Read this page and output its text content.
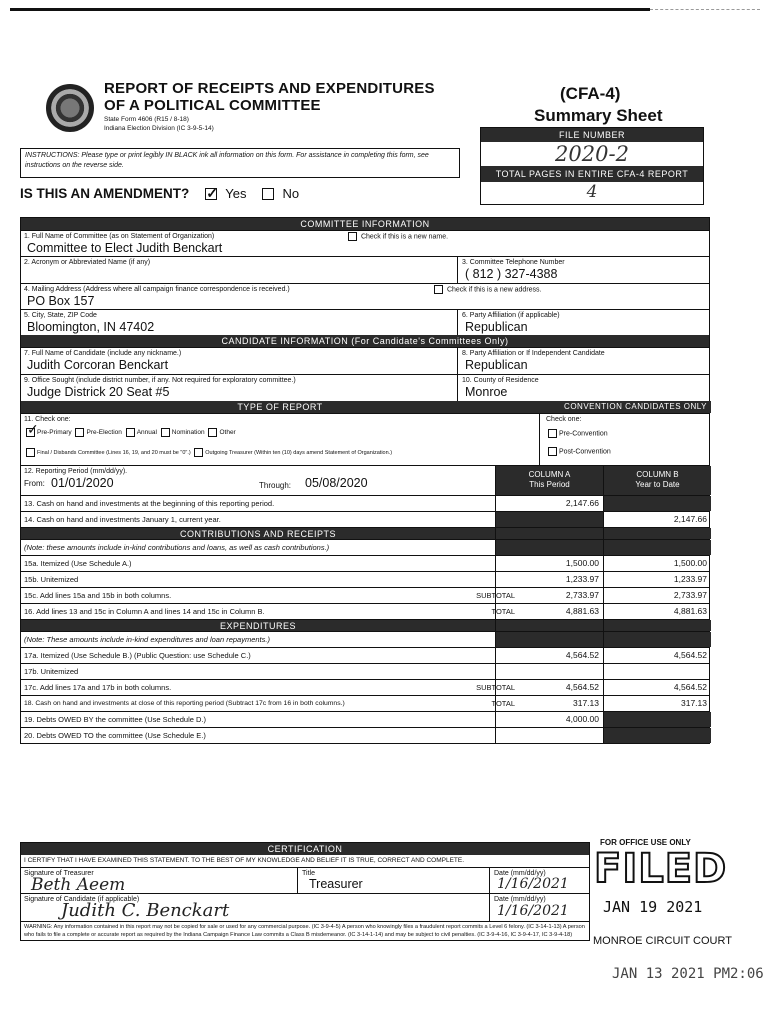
REPORT OF RECEIPTS AND EXPENDITURES
OF A POLITICAL COMMITTEE
State Form 4606 (R15 / 8-18)
Indiana Election Division (IC 3-9-5-14)
(CFA-4)
Summary Sheet
FILE NUMBER
2020-2
TOTAL PAGES IN ENTIRE CFA-4 REPORT
4
INSTRUCTIONS: Please type or print legibly IN BLACK ink all information on this form. For assistance in completing this form, see instructions on the reverse side.
IS THIS AN AMENDMENT?
✓	Yes	No
COMMITTEE INFORMATION
1. Full Name of Committee (as on Statement of Organization)	Check if this is a new name.
Committee to Elect Judith Benckart
2. Acronym or Abbreviated Name (if any)	3. Committee Telephone Number
( 812 ) 327-4388
4. Mailing Address (Address where all campaign finance correspondence is received.)	Check if this is a new address.
PO Box 157
5. City, State, ZIP Code
Bloomington, IN 47402
6. Party Affiliation (if applicable)
Republican
CANDIDATE INFORMATION (For Candidate's Committees Only)
7. Full Name of Candidate (include any nickname.)
Judith Corcoran Benckart
8. Party Affiliation or If Independent Candidate
Republican
9. Office Sought (include district number, if any. Not required for exploratory committee.)
Judge Districk 20 Seat #5
10. County of Residence
Monroe
TYPE OF REPORT	CONVENTION CANDIDATES ONLY
11. Check one:
✓Pre-Primary Pre-Election Annual Nomination Other
Final / Disbands Committee (Lines 16, 19, and 20 must be "0".)	Outgoing Treasurer (Within ten (10) days amend Statement of Organization.)
Check one:
Pre-Convention
Post-Convention
12. Reporting Period (mm/dd/yy).
From: 01/01/2020	Through:	05/08/2020
COLUMN A
This Period
COLUMN B
Year to Date
13. Cash on hand and investments at the beginning of this reporting period.	2,147.66
14. Cash on hand and investments January 1, current year.	2,147.66
CONTRIBUTIONS AND RECEIPTS
(Note: these amounts include in-kind contributions and loans, as well as cash contributions.)
15a. Itemized (Use Schedule A.)	1,500.00	1,500.00
15b. Unitemized	1,233.97	1,233.97
15c. Add lines 15a and 15b in both columns.	SUBTOTAL	2,733.97	2,733.97
16. Add lines 13 and 15c in Column A and lines 14 and 15c in Column B.	TOTAL	4,881.63	4,881.63
EXPENDITURES
(Note: These amounts include in-kind expenditures and loan repayments.)
17a. Itemized (Use Schedule B.) (Public Question: use Schedule C.)	4,564.52	4,564.52
17b. Unitemized
17c. Add lines 17a and 17b in both columns.	SUBTOTAL	4,564.52	4,564.52
18. Cash on hand and investments at close of this reporting period (Subtract 17c from 16 in both columns.)	TOTAL	317.13	317.13
19. Debts OWED BY the committee (Use Schedule D.)	4,000.00
20. Debts OWED TO the committee (Use Schedule E.)
CERTIFICATION
I CERTIFY THAT I HAVE EXAMINED THIS STATEMENT. TO THE BEST OF MY KNOWLEDGE AND BELIEF IT IS TRUE, CORRECT AND COMPLETE.
Signature of Treasurer
Beth Aeem
Title
Treasurer
Date (mm/dd/yy)
1/16/2021
Signature of Candidate (if applicable)
Judith C. Benckart
Date (mm/dd/yy)
1/16/2021
WARNING: Any information contained in this report may not be copied for sale or used for any commercial purpose. (IC 3-9-4-5) A person who knowingly files a fraudulent report commits a Level 6 felony. (IC 3-14-1-13) A person who fails to file a complete or accurate report as required by the Indiana Campaign Finance Law commits a Class B misdemeanor. (IC 3-14-1-14) and may be subject to civil penalties. (IC 3-9-4-16, IC 3-9-4-17, IC 3-9-4-18)
FOR OFFICE USE ONLY
FILED
JAN 19 2021
MONROE CIRCUIT COURT
JAN 13 2021 PM2:06
